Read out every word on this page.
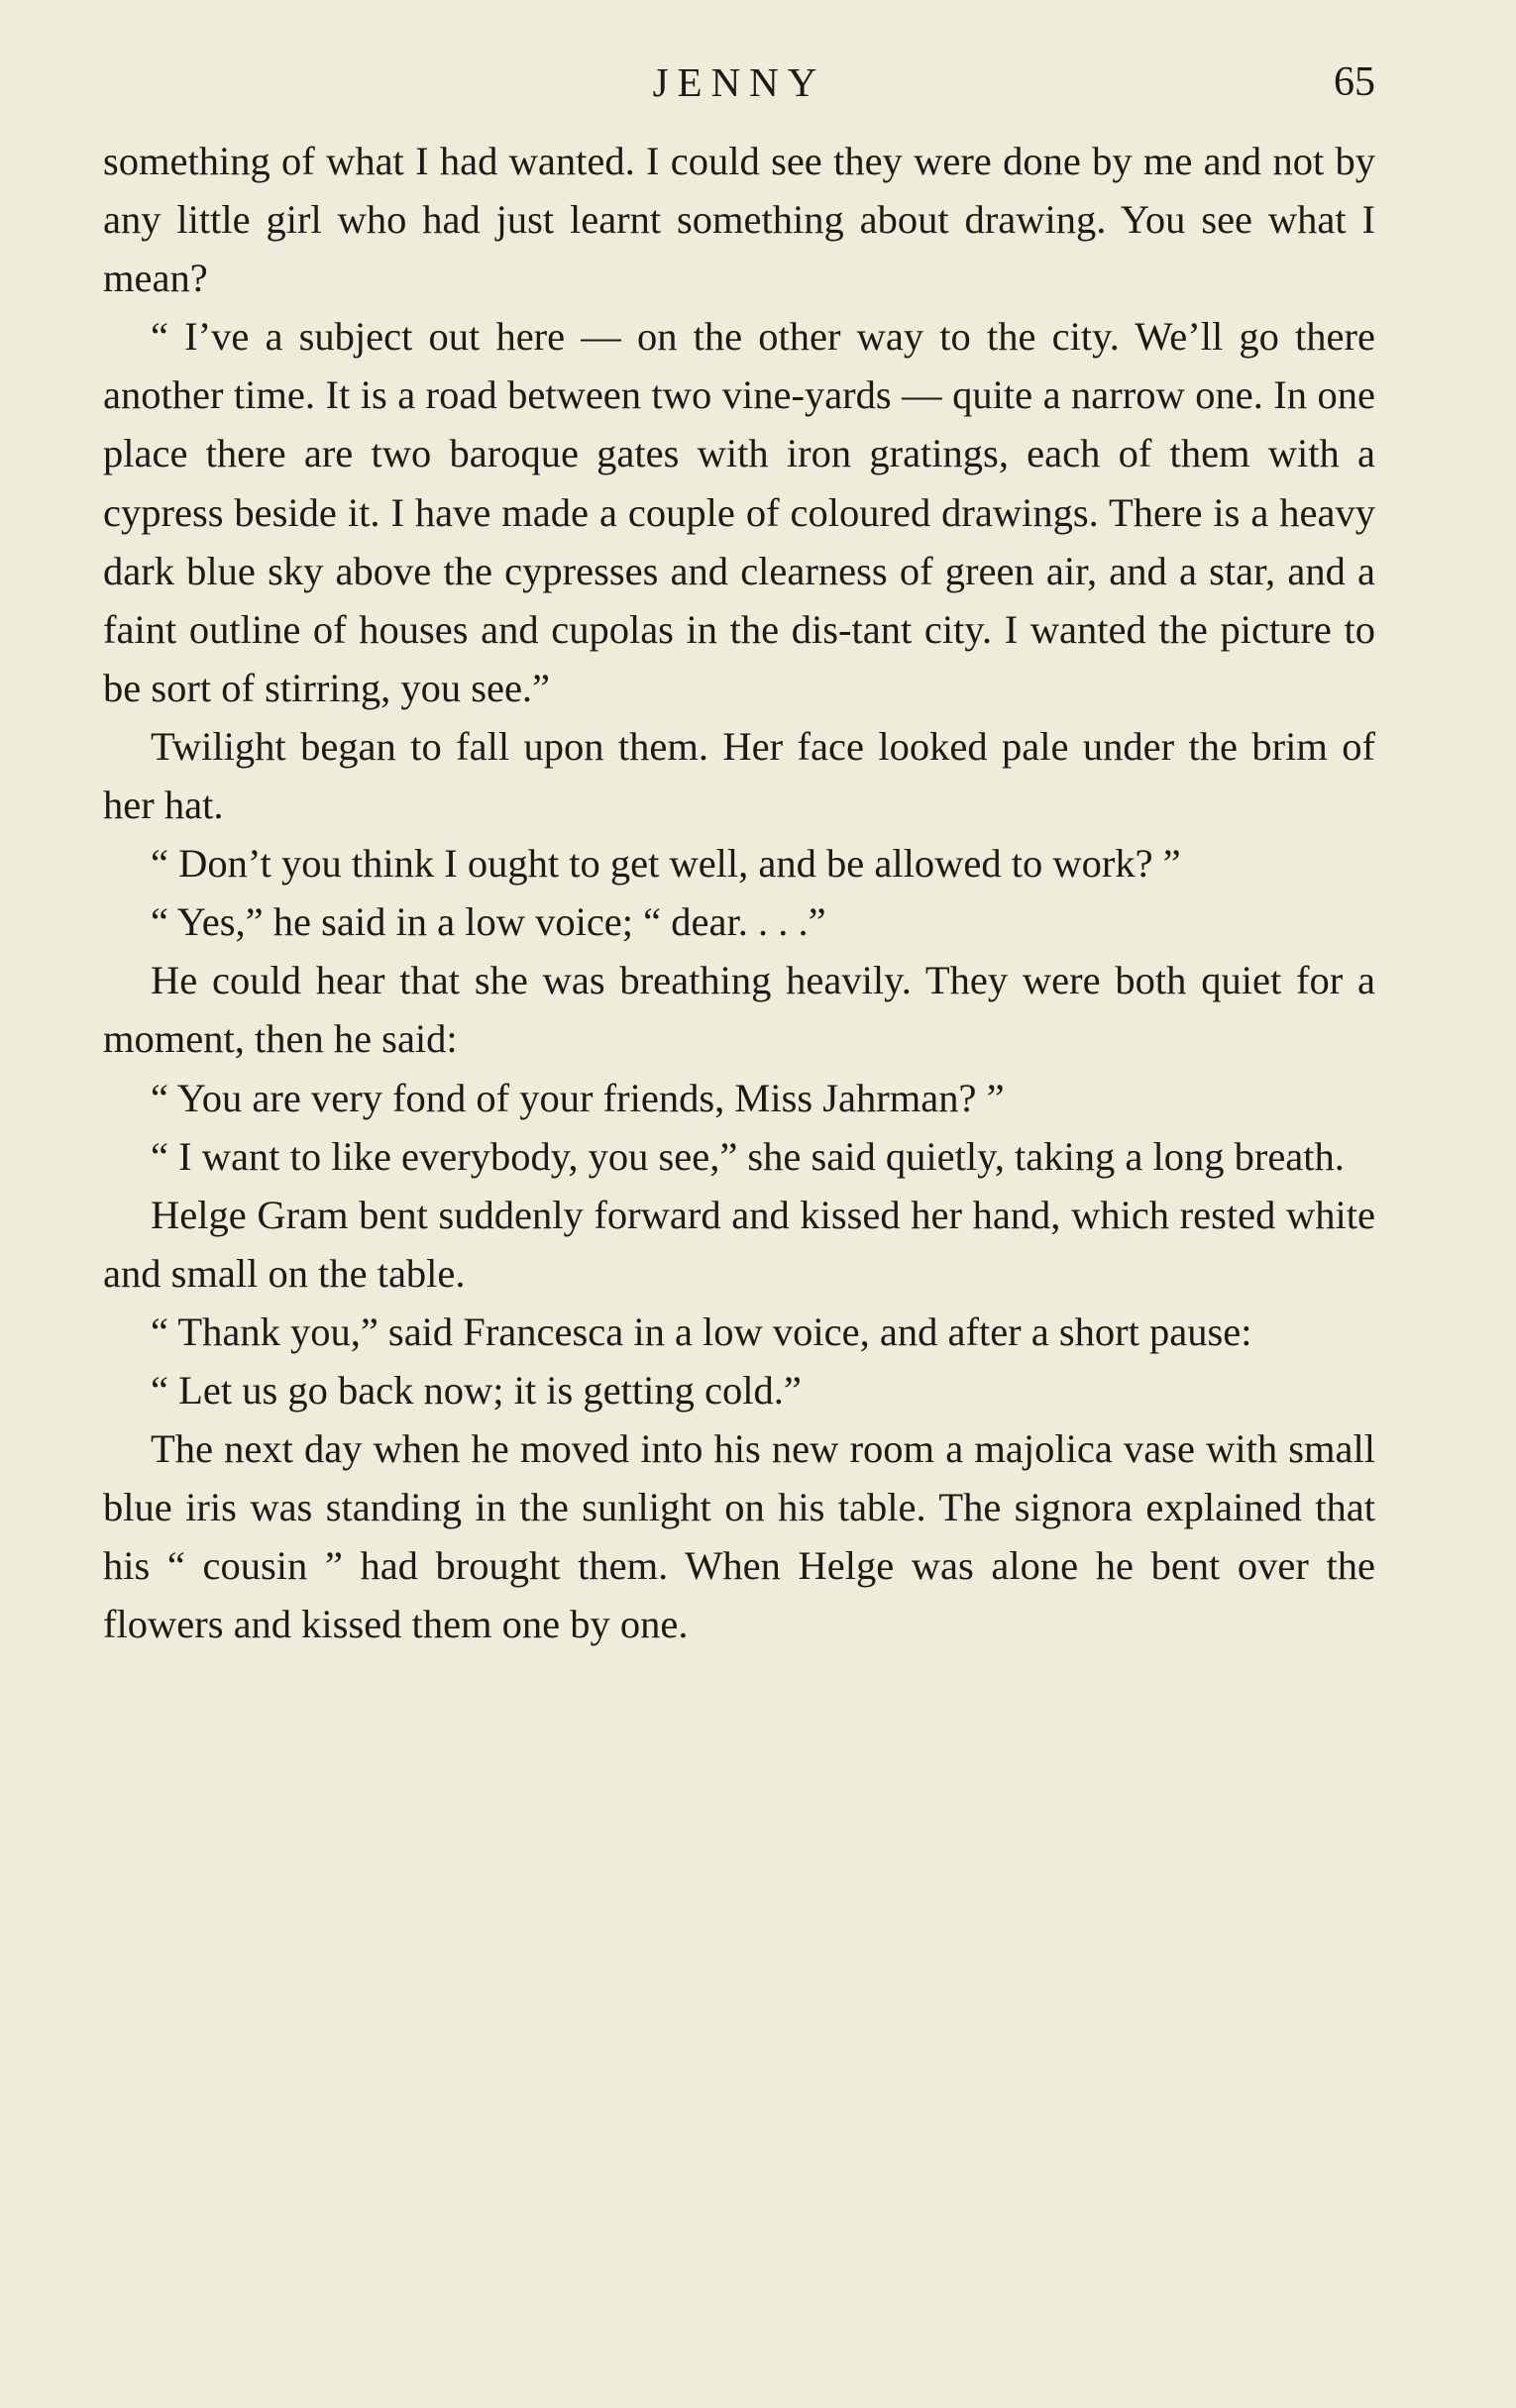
JENNY	65

something of what I had wanted. I could see they were done by me and not by any little girl who had just learnt something about drawing. You see what I mean?

“ I’ve a subject out here — on the other way to the city. We’ll go there another time. It is a road between two vine-yards — quite a narrow one. In one place there are two baroque gates with iron gratings, each of them with a cypress beside it. I have made a couple of coloured drawings. There is a heavy dark blue sky above the cypresses and clearness of green air, and a star, and a faint outline of houses and cupolas in the dis-tant city. I wanted the picture to be sort of stirring, you see.”

Twilight began to fall upon them. Her face looked pale under the brim of her hat.

“ Don’t you think I ought to get well, and be allowed to work? ”

“ Yes,” he said in a low voice; “ dear. . . .”

He could hear that she was breathing heavily. They were both quiet for a moment, then he said:

“ You are very fond of your friends, Miss Jahrman? ”

“ I want to like everybody, you see,” she said quietly, taking a long breath.

Helge Gram bent suddenly forward and kissed her hand, which rested white and small on the table.

“ Thank you,” said Francesca in a low voice, and after a short pause:

“ Let us go back now; it is getting cold.”

The next day when he moved into his new room a majolica vase with small blue iris was standing in the sunlight on his table. The signora explained that his “ cousin ” had brought them. When Helge was alone he bent over the flowers and kissed them one by one.
